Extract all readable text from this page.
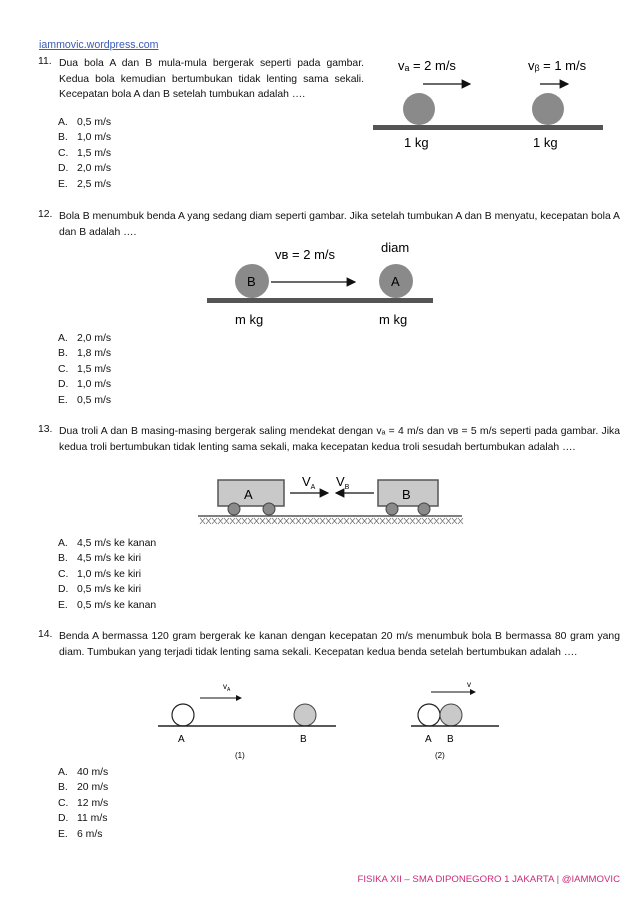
iammovic.wordpress.com
11. Dua bola A dan B mula-mula bergerak seperti pada gambar. Kedua bola kemudian bertumbukan tidak lenting sama sekali. Kecepatan bola A dan B setelah tumbukan adalah ….
A. 0,5 m/s
B. 1,0 m/s
C. 1,5 m/s
D. 2,0 m/s
E. 2,5 m/s
vₐ = 2 m/s	vᵦ = 1 m/s
1 kg	1 kg
12. Bola B menumbuk benda A yang sedang diam seperti gambar. Jika setelah tumbukan A dan B menyatu, kecepatan bola A dan B adalah ….
vʙ = 2 m/s	diam
B	A
m kg	m kg
A. 2,0 m/s
B. 1,8 m/s
C. 1,5 m/s
D. 1,0 m/s
E. 0,5 m/s
13. Dua troli A dan B masing-masing bergerak saling mendekat dengan vₐ = 4 m/s dan vʙ = 5 m/s seperti pada gambar. Jika kedua troli bertumbukan tidak lenting sama sekali, maka kecepatan kedua troli sesudah bertumbukan adalah ….
A
$V_A$ $V_B$	B
A. 4,5 m/s ke kanan
B. 4,5 m/s ke kiri
C. 1,0 m/s ke kiri
D. 0,5 m/s ke kiri
E. 0,5 m/s ke kanan
14. Benda A bermassa 120 gram bergerak ke kanan dengan kecepatan 20 m/s menumbuk bola B bermassa 80 gram yang diam. Tumbukan yang terjadi tidak lenting sama sekali. Kecepatan kedua benda setelah bertumbukan adalah ….
$v_A$
A	B
(1)
v
A B
(2)
A. 40 m/s
B. 20 m/s
C. 12 m/s
D. 11 m/s
E. 6 m/s
FISIKA XII – SMA DIPONEGORO 1 JAKARTA | @IAMMOVIC
